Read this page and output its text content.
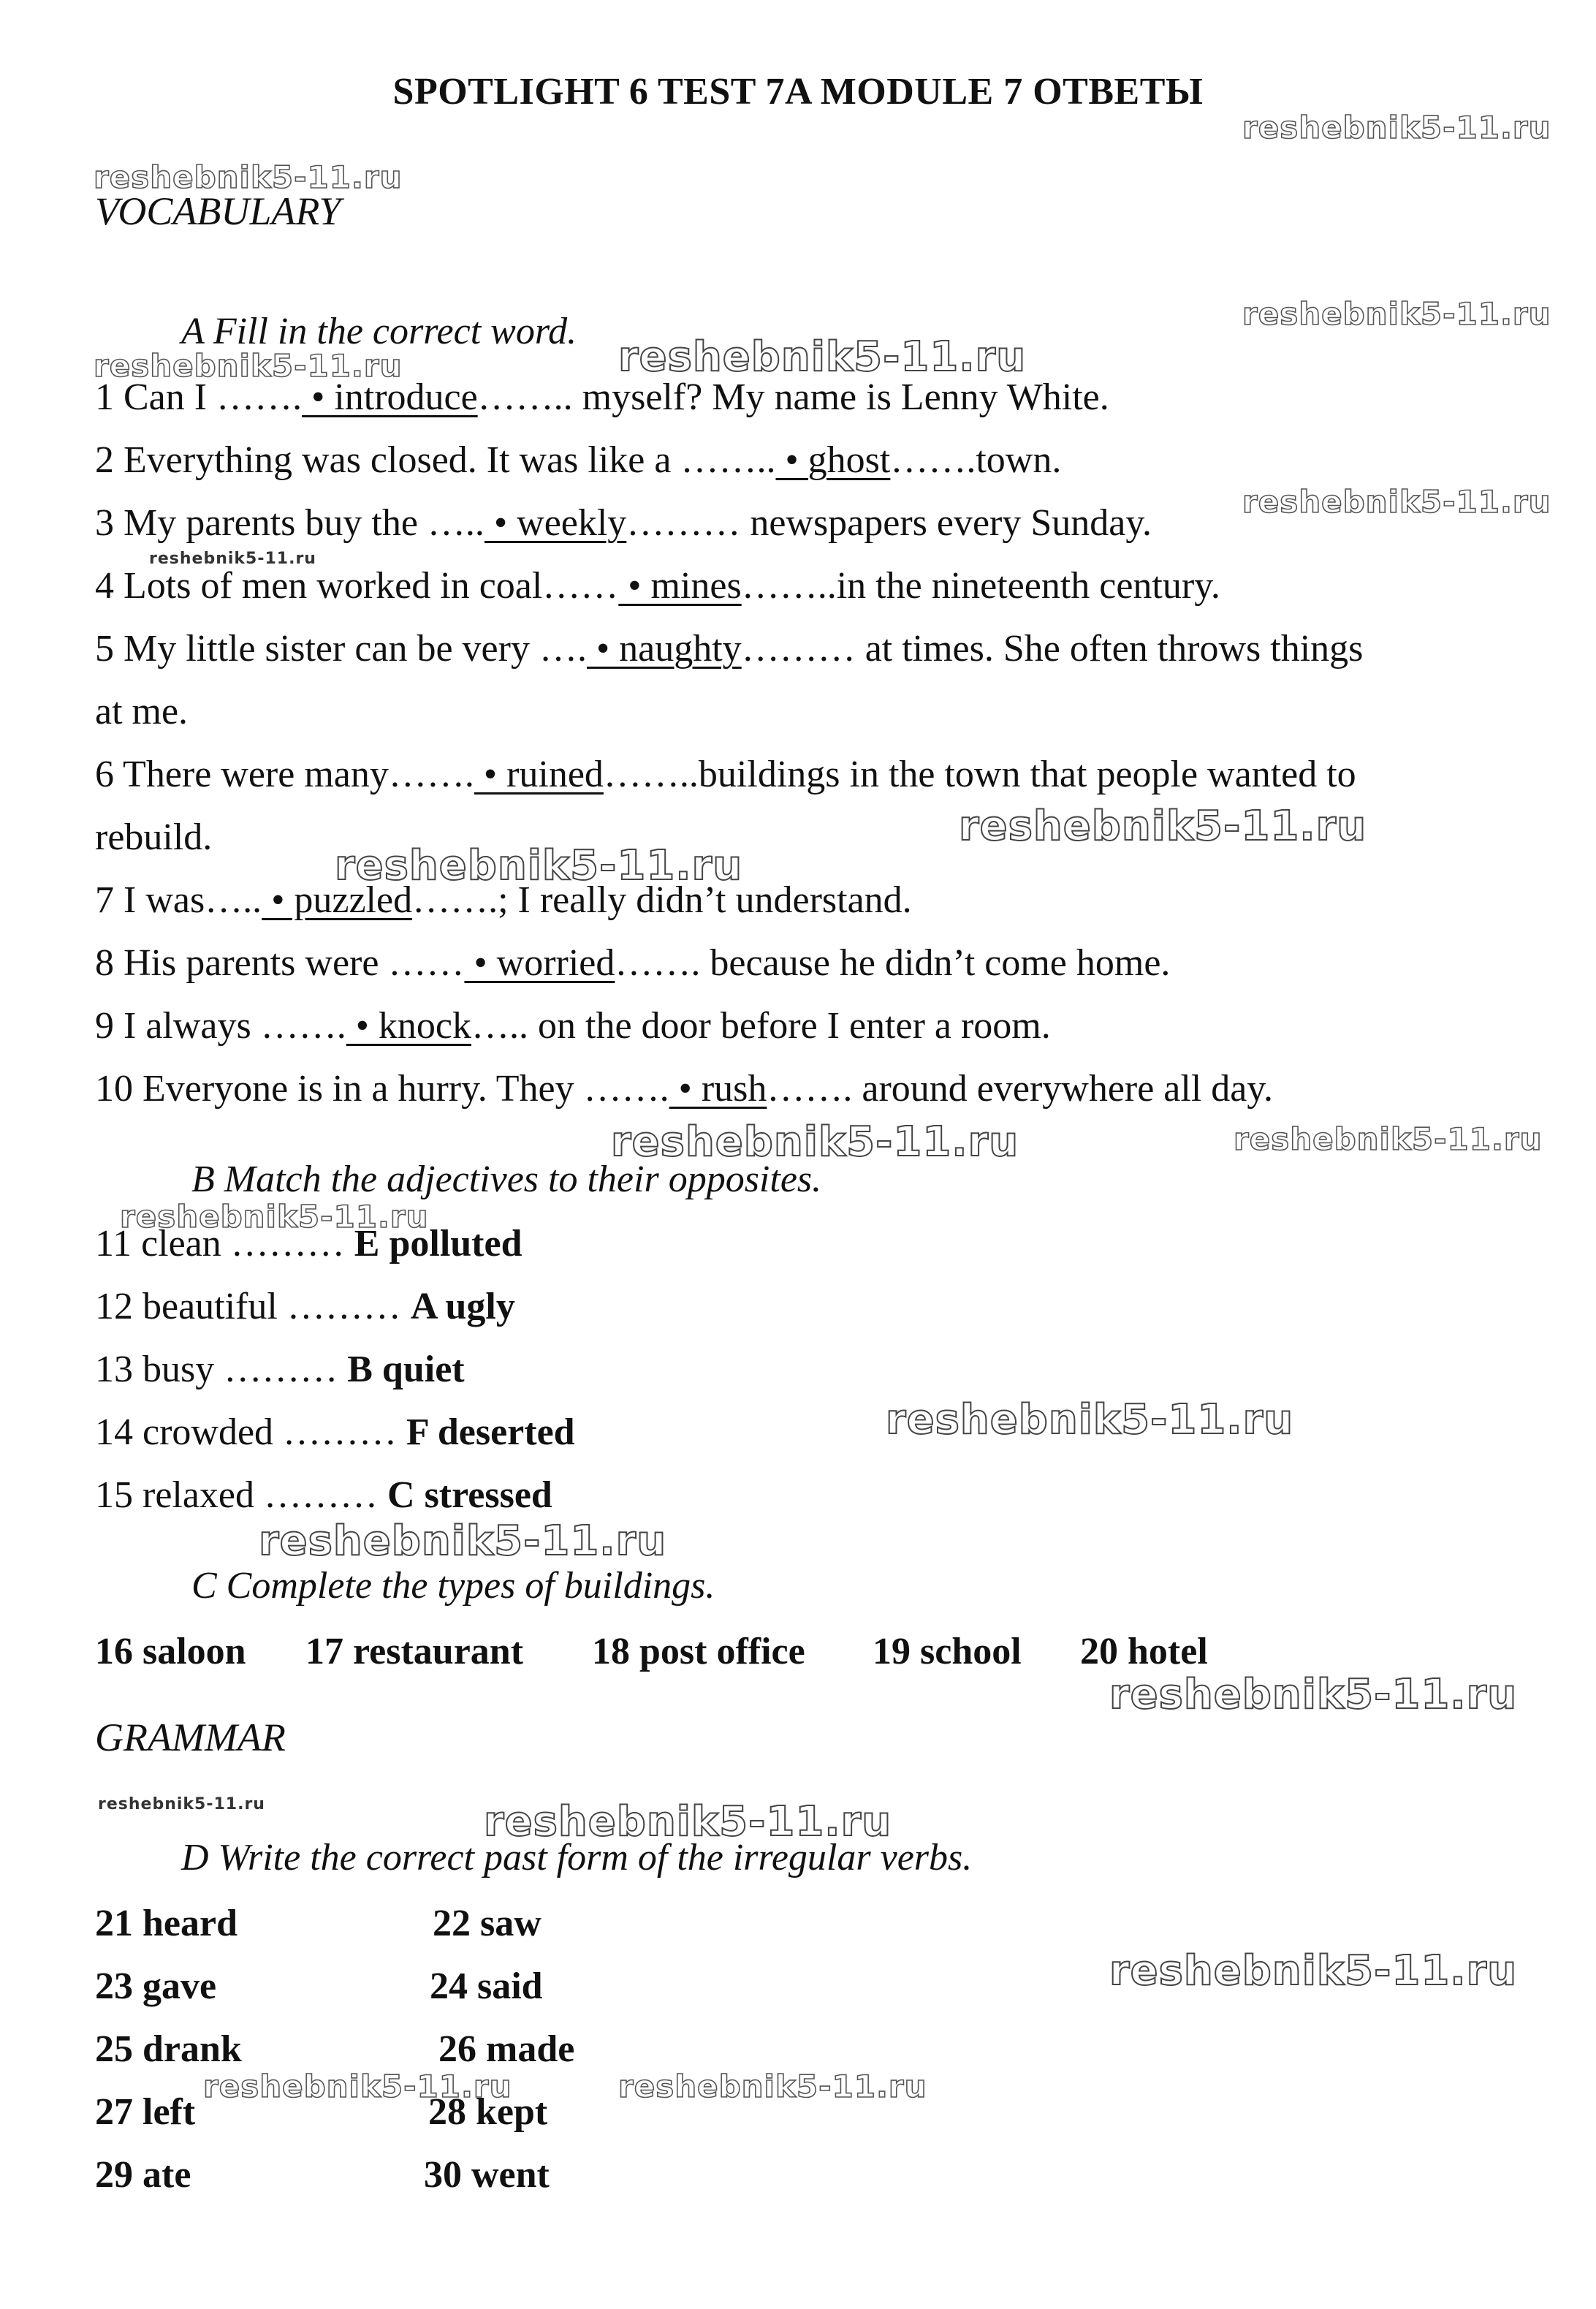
SPOTLIGHT 6 TEST 7A MODULE 7 ОТВЕТЫ
reshebnik5-11.ru
reshebnik5-11.ru
reshebnik5-11.ru
reshebnik5-11.ru	reshebnik5-11.ru
reshebnik5-11.ru
reshebnik5-11.ru
reshebnik5-11.ru
reshebnik5-11.ru
reshebnik5-11.ru	reshebnik5-11.ru
reshebnik5-11.ru
reshebnik5-11.ru
reshebnik5-11.ru
reshebnik5-11.ru
reshebnik5-11.ru	reshebnik5-11.ru
reshebnik5-11.ru
reshebnik5-11.ru	reshebnik5-11.ru
VOCABULARY
A Fill in the correct word.
1 Can I ……. • introduce…….. myself? My name is Lenny White.
2 Everything was closed. It was like a …….. • ghost…….town.
3 My parents buy the ….. • weekly……… newspapers every Sunday.
4 Lots of men worked in coal…… • mines……..in the nineteenth century.
5 My little sister can be very …. • naughty……… at times. She often throws things
at me.
6 There were many……. • ruined……..buildings in the town that people wanted to
rebuild.
7 I was….. • puzzled…….; I really didn’t understand.
8 His parents were …… • worried……. because he didn’t come home.
9 I always ……. • knock….. on the door before I enter a room.
10 Everyone is in a hurry. They ……. • rush……. around everywhere all day.
B Match the adjectives to their opposites.
11 clean ……… E polluted
12 beautiful ……… A ugly
13 busy ……… B quiet
14 crowded ……… F deserted
15 relaxed ……… C stressed
C Complete the types of buildings.
16 saloon 17 restaurant 18 post office 19 school 20 hotel
GRAMMAR
D Write the correct past form of the irregular verbs.
21 heard	22 saw
23 gave	24 said
25 drank	26 made
27 left	28 kept
29 ate	30 went
